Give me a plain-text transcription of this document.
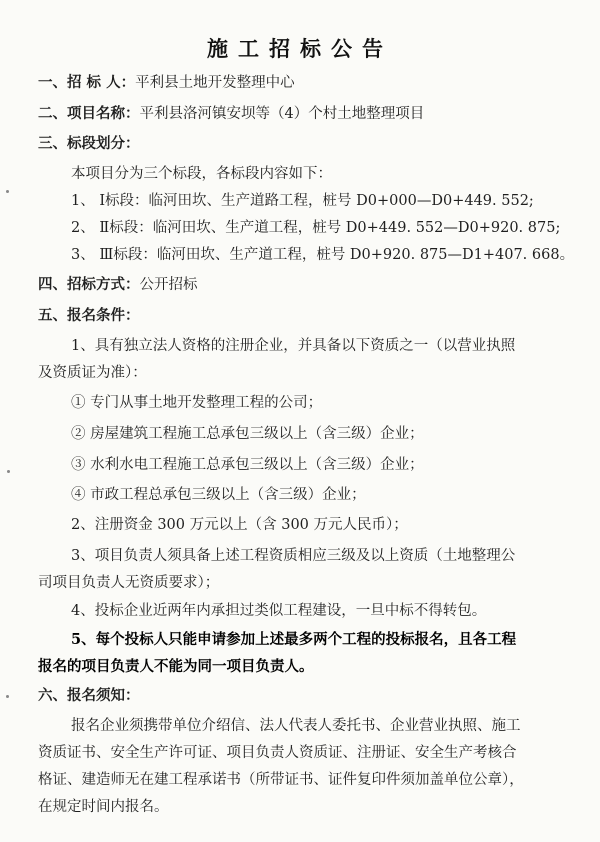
施工招标公告
一、招 标 人：平利县土地开发整理中心
二、项目名称：平利县洛河镇安坝等（4）个村土地整理项目
三、标段划分：
本项目分为三个标段，各标段内容如下：
1、 Ⅰ标段：临河田坎、生产道路工程，桩号 D0+000—D0+449. 552;
2、 Ⅱ标段：临河田坎、生产道工程，桩号 D0+449. 552—D0+920. 875;
3、 Ⅲ标段：临河田坎、生产道工程，桩号 D0+920. 875—D1+407. 668。
四、招标方式：公开招标
五、报名条件：
1、具有独立法人资格的注册企业，并具备以下资质之一（以营业执照
及资质证为准）：
① 专门从事土地开发整理工程的公司；
② 房屋建筑工程施工总承包三级以上（含三级）企业；
③ 水利水电工程施工总承包三级以上（含三级）企业；
④ 市政工程总承包三级以上（含三级）企业；
2、注册资金 300 万元以上（含 300 万元人民币）；
3、项目负责人须具备上述工程资质相应三级及以上资质（土地整理公
司项目负责人无资质要求）；
4、投标企业近两年内承担过类似工程建设，一旦中标不得转包。
5、每个投标人只能申请参加上述最多两个工程的投标报名，且各工程
报名的项目负责人不能为同一项目负责人。
六、报名须知：
报名企业须携带单位介绍信、法人代表人委托书、企业营业执照、施工
资质证书、安全生产许可证、项目负责人资质证、注册证、安全生产考核合
格证、建造师无在建工程承诺书（所带证书、证件复印件须加盖单位公章），
在规定时间内报名。
